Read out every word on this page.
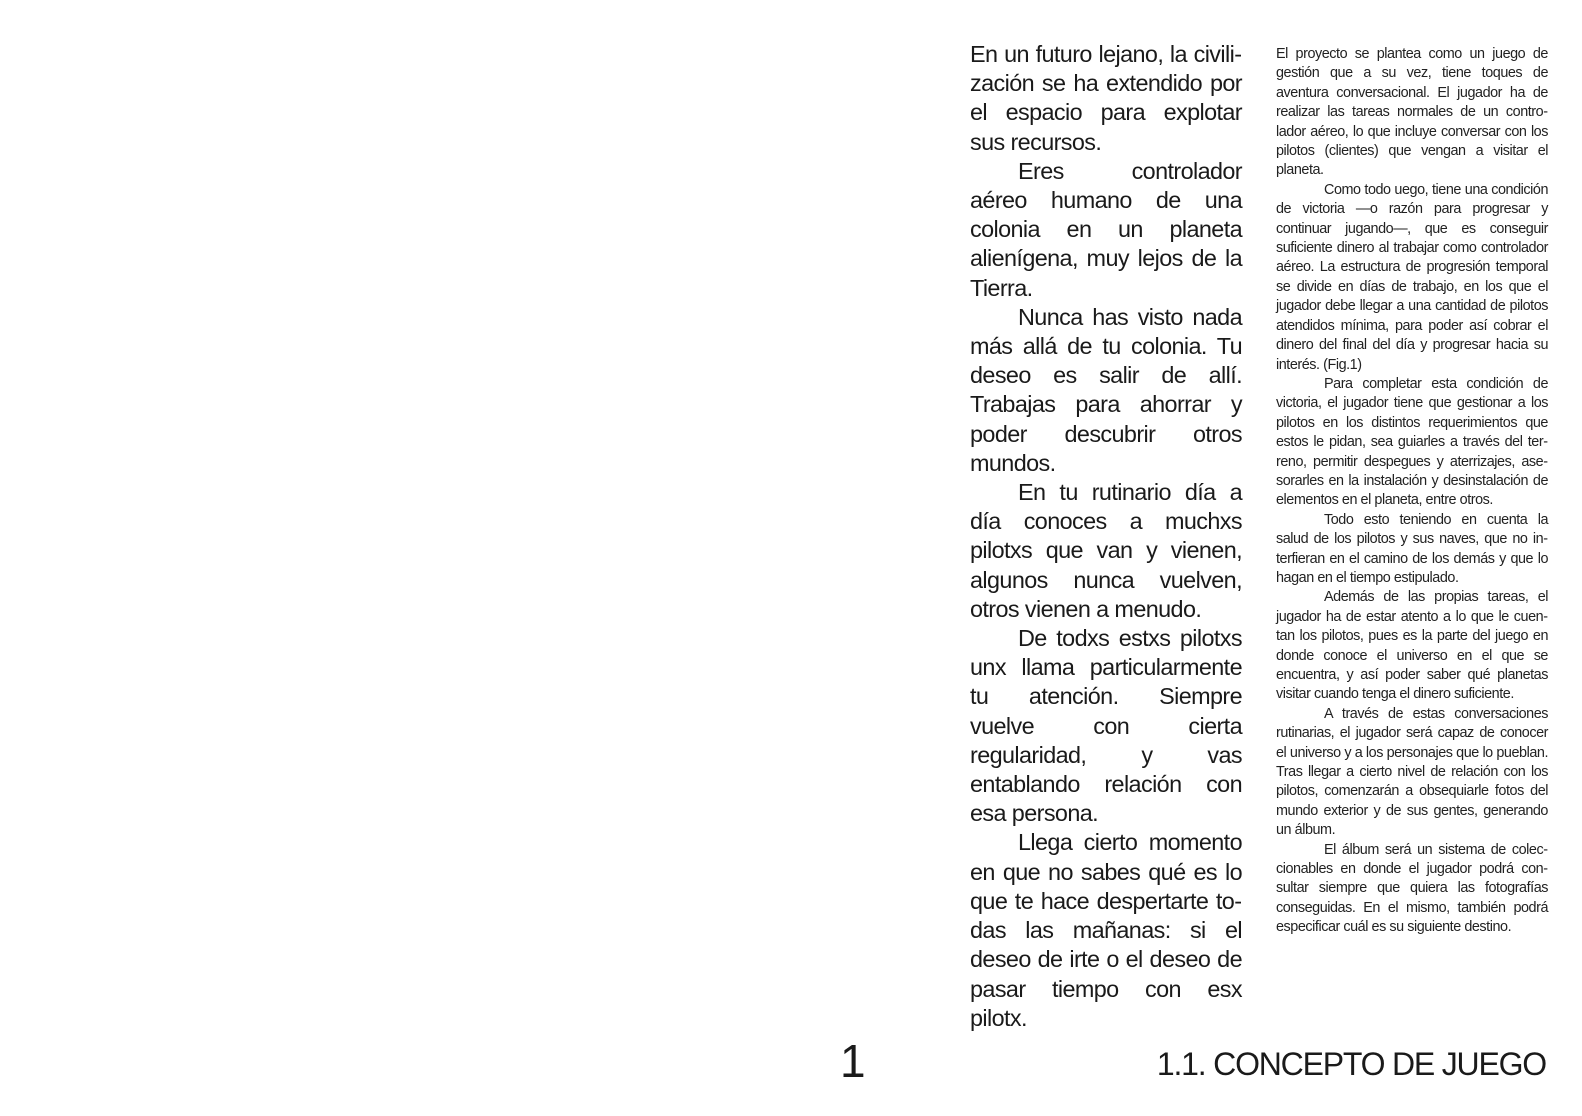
En un futuro lejano, la civilización se ha extendido por el espacio para explotar sus recursos.

Eres controlador aéreo humano de una colonia en un planeta alienígena, muy lejos de la Tierra.

Nunca has visto nada más allá de tu colonia. Tu deseo es salir de allí. Trabajas para ahorrar y poder descubrir otros mundos.

En tu rutinario día a día conoces a muchxs pilotxs que van y vienen, algunos nunca vuelven, otros vienen a menudo.

De todxs estxs pilotxs unx llama particularmente tu atención. Siempre vuelve con cierta regularidad, y vas entablando relación con esa persona.

Llega cierto momento en que no sabes qué es lo que te hace despertarte todas las mañanas: si el deseo de irte o el deseo de pasar tiempo con esx pilotx.

El proyecto se plantea como un juego de gestión que a su vez, tiene toques de aventura conversacional. El jugador ha de realizar las tareas normales de un controlador aéreo, lo que incluye conversar con los pilotos (clientes) que vengan a visitar el planeta.

Como todo uego, tiene una condición de victoria —o razón para progresar y continuar jugando—, que es conseguir suficiente dinero al trabajar como controlador aéreo. La estructura de progresión temporal se divide en días de trabajo, en los que el jugador debe llegar a una cantidad de pilotos atendidos mínima, para poder así cobrar el dinero del final del día y progresar hacia su interés. (Fig.1)

Para completar esta condición de victoria, el jugador tiene que gestionar a los pilotos en los distintos requerimientos que estos le pidan, sea guiarles a través del terreno, permitir despegues y aterrizajes, asesorarles en la instalación y desinstalación de elementos en el planeta, entre otros.

Todo esto teniendo en cuenta la salud de los pilotos y sus naves, que no interfieran en el camino de los demás y que lo hagan en el tiempo estipulado.

Además de las propias tareas, el jugador ha de estar atento a lo que le cuentan los pilotos, pues es la parte del juego en donde conoce el universo en el que se encuentra, y así poder saber qué planetas visitar cuando tenga el dinero suficiente.

A través de estas conversaciones rutinarias, el jugador será capaz de conocer el universo y a los personajes que lo pueblan. Tras llegar a cierto nivel de relación con los pilotos, comenzarán a obsequiarle fotos del mundo exterior y de sus gentes, generando un álbum.

El álbum será un sistema de coleccionables en donde el jugador podrá consultar siempre que quiera las fotografías conseguidas. En el mismo, también podrá especificar cuál es su siguiente destino.

1	1.1. CONCEPTO DE JUEGO
